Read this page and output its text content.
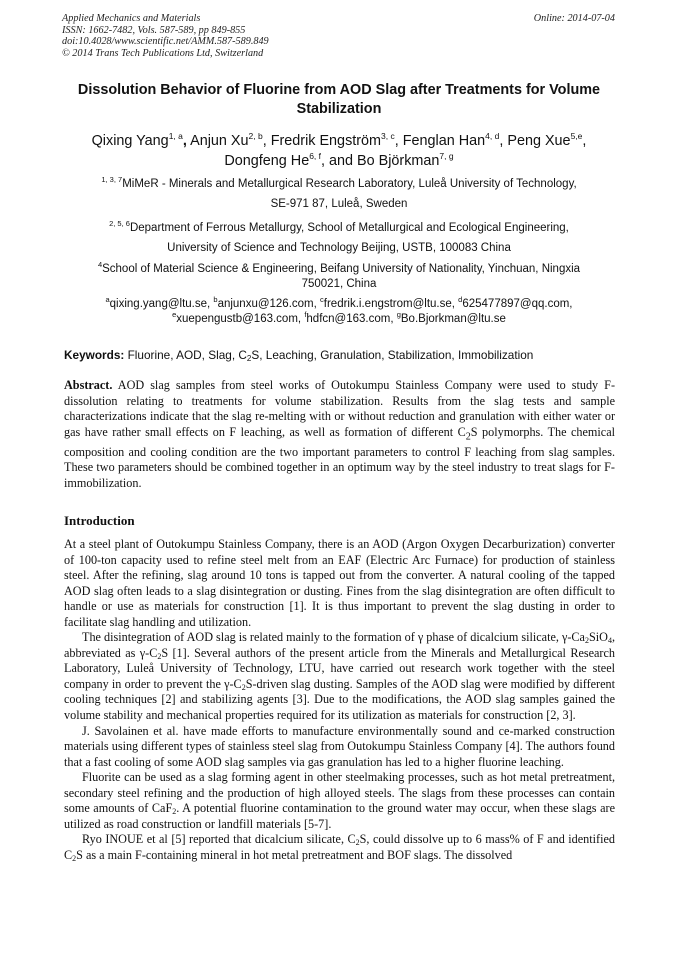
Applied Mechanics and Materials
ISSN: 1662-7482, Vols. 587-589, pp 849-855
doi:10.4028/www.scientific.net/AMM.587-589.849
© 2014 Trans Tech Publications Ltd, Switzerland
Online: 2014-07-04
Dissolution Behavior of Fluorine from AOD Slag after Treatments for Volume Stabilization
Qixing Yang$^{1, a}$, Anjun Xu$^{2, b}$, Fredrik Engström$^{3, c}$, Fenglan Han$^{4, d}$, Peng Xue$^{5,e}$,
Dongfeng He$^{6, f}$, and Bo Björkman$^{7, g}$
$^{1, 3, 7}$MiMeR - Minerals and Metallurgical Research Laboratory, Luleå University of Technology,
SE-971 87, Luleå, Sweden
$^{2, 5, 6}$Department of Ferrous Metallurgy, School of Metallurgical and Ecological Engineering,
University of Science and Technology Beijing, USTB, 100083 China
$^4$School of Material Science & Engineering, Beifang University of Nationality, Yinchuan, Ningxia
750021, China
$^a$qixing.yang@ltu.se, $^b$anjunxu@126.com, $^c$fredrik.i.engstrom@ltu.se, $^d$625477897@qq.com,
$^e$xuepengustb@163.com, $^f$hdfcn@163.com, $^g$Bo.Bjorkman@ltu.se
Keywords: Fluorine, AOD, Slag, $C_2S$, Leaching, Granulation, Stabilization, Immobilization
Abstract. AOD slag samples from steel works of Outokumpu Stainless Company were used to study F-dissolution relating to treatments for volume stabilization. Results from the slag tests and sample characterizations indicate that the slag re-melting with or without reduction and granulation with either water or gas have rather small effects on F leaching, as well as formation of different $C_2S$ polymorphs. The chemical composition and cooling condition are the two important parameters to control F leaching from slag samples. These two parameters should be combined together in an optimum way by the steel industry to treat slags for F-immobilization.
Introduction

At a steel plant of Outokumpu Stainless Company, there is an AOD (Argon Oxygen Decarburization) converter of 100-ton capacity used to refine steel melt from an EAF (Electric Arc Furnace) for production of stainless steel. After the refining, slag around 10 tons is tapped out from the converter. A natural cooling of the tapped AOD slag often leads to a slag disintegration or dusting. Fines from the slag disintegration are often difficult to handle or use as materials for construction [1]. It is thus important to prevent the slag dusting in order to facilitate slag handling and utilization.

The disintegration of AOD slag is related mainly to the formation of γ phase of dicalcium silicate, $\gamma-Ca_2SiO_4$, abbreviated as $\gamma-C_2S$ [1]. Several authors of the present article from the Minerals and Metallurgical Research Laboratory, Luleå University of Technology, LTU, have carried out research work together with the steel company in order to prevent the $\gamma-C_2S$-driven slag dusting. Samples of the AOD slag were modified by different cooling techniques [2] and stabilizing agents [3]. Due to the modifications, the AOD slag samples gained the volume stability and mechanical properties required for its utilization as materials for construction [2, 3].

J. Savolainen et al. have made efforts to manufacture environmentally sound and ce-marked construction materials using different types of stainless steel slag from Outokumpu Stainless Company [4]. The authors found that a fast cooling of some AOD slag samples via gas granulation has led to a higher fluorine leaching.

Fluorite can be used as a slag forming agent in other steelmaking processes, such as hot metal pretreatment, secondary steel refining and the production of high alloyed steels. The slags from these processes can contain some amounts of CaF$_2$. A potential fluorine contamination to the ground water may occur, when these slags are utilized as road construction or landfill materials [5-7].

Ryo INOUE et al [5] reported that dicalcium silicate, $C_2S$, could dissolve up to 6 mass% of F and identified $C_2S$ as a main F-containing mineral in hot metal pretreatment and BOF slags. The dissolved
